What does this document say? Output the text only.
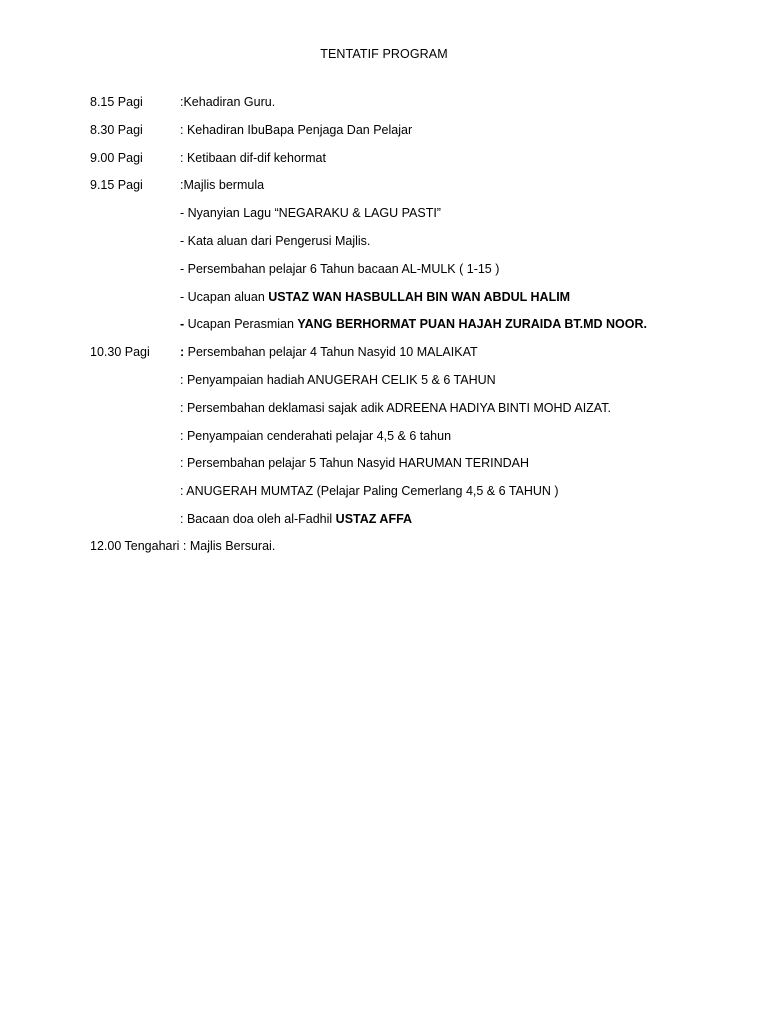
TENTATIF PROGRAM
8.15 Pagi	:Kehadiran Guru.
8.30 Pagi	: Kehadiran IbuBapa Penjaga Dan Pelajar
9.00 Pagi	: Ketibaan dif-dif kehormat
9.15 Pagi	:Majlis bermula
- Nyanyian Lagu “NEGARAKU & LAGU PASTI”
- Kata aluan dari Pengerusi Majlis.
- Persembahan pelajar 6 Tahun bacaan AL-MULK ( 1-15 )
- Ucapan aluan USTAZ WAN HASBULLAH BIN WAN ABDUL HALIM
- Ucapan Perasmian YANG BERHORMAT PUAN HAJAH ZURAIDA BT.MD NOOR.
10.30 Pagi : Persembahan pelajar 4 Tahun Nasyid 10 MALAIKAT
: Penyampaian hadiah ANUGERAH CELIK 5 & 6 TAHUN
: Persembahan deklamasi sajak adik ADREENA HADIYA BINTI MOHD AIZAT.
: Penyampaian cenderahati pelajar 4,5 & 6 tahun
: Persembahan pelajar 5 Tahun Nasyid HARUMAN TERINDAH
: ANUGERAH MUMTAZ (Pelajar Paling Cemerlang 4,5 & 6 TAHUN )
: Bacaan doa oleh al-Fadhil USTAZ AFFA
12.00 Tengahari : Majlis Bersurai.
